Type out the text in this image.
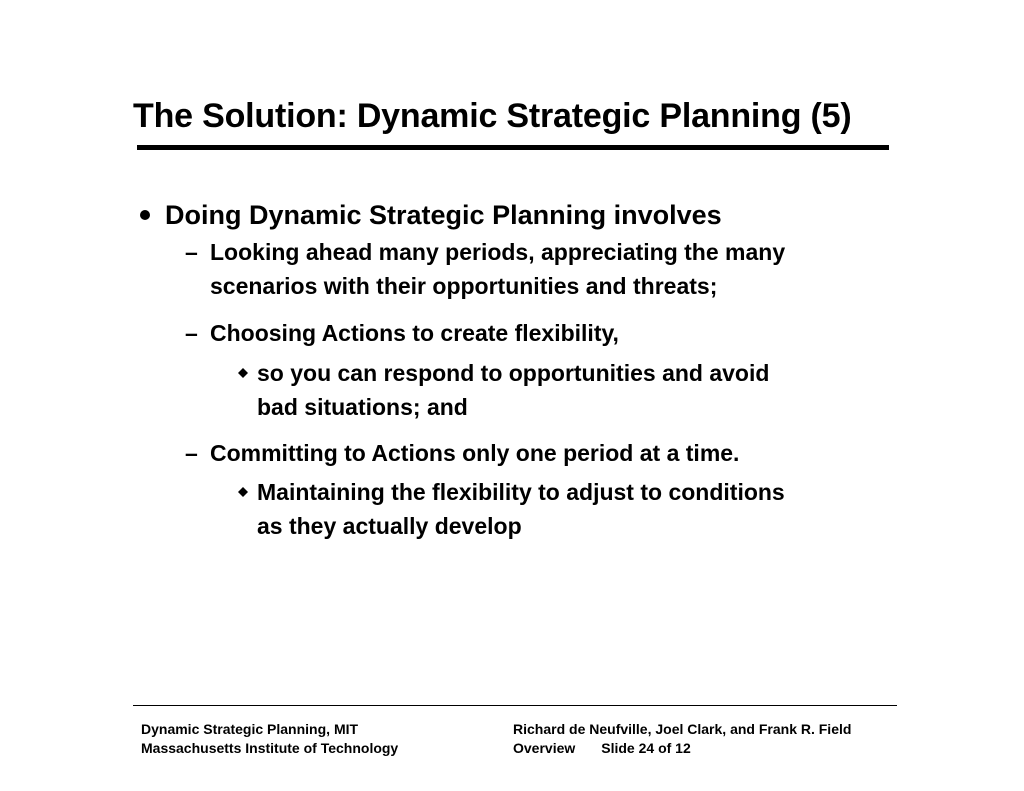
The Solution: Dynamic Strategic Planning (5)
Doing Dynamic Strategic Planning involves
– Looking ahead many periods, appreciating the many
scenarios with their opportunities and threats;
– Choosing Actions to create flexibility,
so you can respond to opportunities and avoid
bad situations; and
– Committing to Actions only one period at a time.
Maintaining the flexibility to adjust to conditions
as they actually develop
Dynamic Strategic Planning, MIT
Massachusetts Institute of Technology
Richard de Neufville, Joel Clark, and Frank R. Field
Overview Slide 24 of 12
